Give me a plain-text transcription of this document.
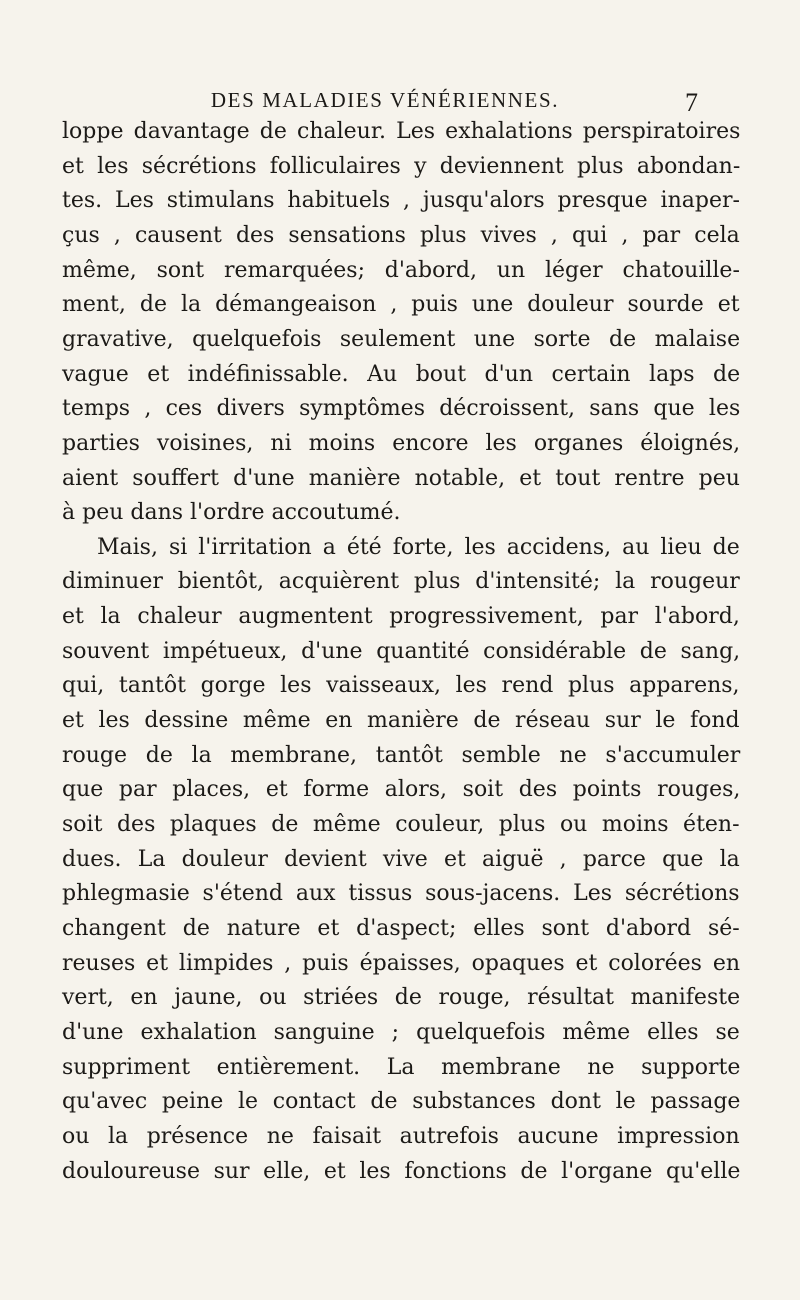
DES MALADIES VÉNÉRIENNES.	7
loppe davantage de chaleur. Les exhalations perspiratoires
et les sécrétions folliculaires y deviennent plus abondan-
tes. Les stimulans habituels , jusqu'alors presque inaper-
çus , causent des sensations plus vives , qui , par cela
même, sont remarquées; d'abord, un léger chatouille-
ment, de la démangeaison , puis une douleur sourde et
gravative, quelquefois seulement une sorte de malaise
vague et indéfinissable. Au bout d'un certain laps de
temps , ces divers symptômes décroissent, sans que les
parties voisines, ni moins encore les organes éloignés,
aient souffert d'une manière notable, et tout rentre peu
à peu dans l'ordre accoutumé.
Mais, si l'irritation a été forte, les accidens, au lieu de
diminuer bientôt, acquièrent plus d'intensité; la rougeur
et la chaleur augmentent progressivement, par l'abord,
souvent impétueux, d'une quantité considérable de sang,
qui, tantôt gorge les vaisseaux, les rend plus apparens,
et les dessine même en manière de réseau sur le fond
rouge de la membrane, tantôt semble ne s'accumuler
que par places, et forme alors, soit des points rouges,
soit des plaques de même couleur, plus ou moins éten-
dues. La douleur devient vive et aiguë , parce que la
phlegmasie s'étend aux tissus sous-jacens. Les sécrétions
changent de nature et d'aspect; elles sont d'abord sé-
reuses et limpides , puis épaisses, opaques et colorées en
vert, en jaune, ou striées de rouge, résultat manifeste
d'une exhalation sanguine ; quelquefois même elles se
suppriment entièrement. La membrane ne supporte
qu'avec peine le contact de substances dont le passage
ou la présence ne faisait autrefois aucune impression
douloureuse sur elle, et les fonctions de l'organe qu'elle
